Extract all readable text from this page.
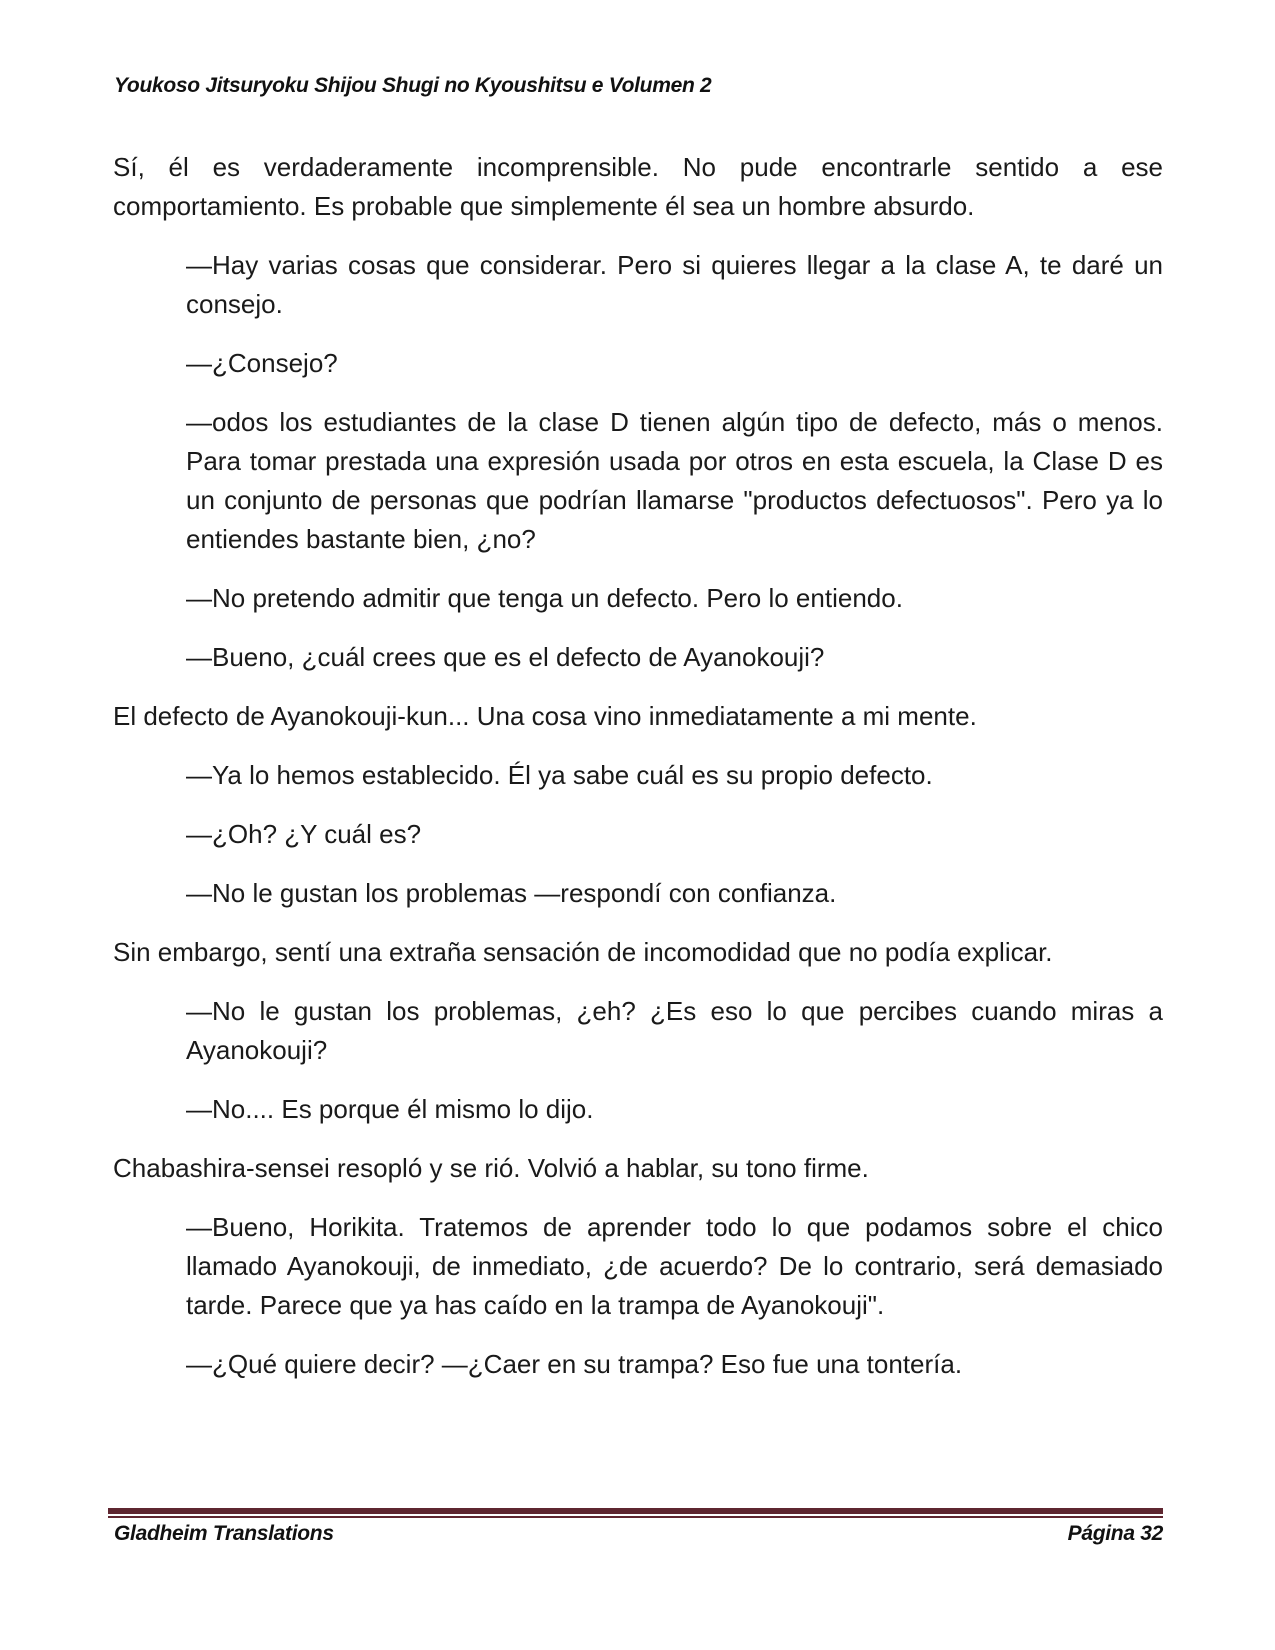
Youkoso Jitsuryoku Shijou Shugi no Kyoushitsu e Volumen 2

Sí, él es verdaderamente incomprensible. No pude encontrarle sentido a ese comportamiento. Es probable que simplemente él sea un hombre absurdo.

—Hay varias cosas que considerar. Pero si quieres llegar a la clase A, te daré un consejo.

—¿Consejo?

—odos los estudiantes de la clase D tienen algún tipo de defecto, más o menos. Para tomar prestada una expresión usada por otros en esta escuela, la Clase D es un conjunto de personas que podrían llamarse "productos defectuosos". Pero ya lo entiendes bastante bien, ¿no?

—No pretendo admitir que tenga un defecto. Pero lo entiendo.

—Bueno, ¿cuál crees que es el defecto de Ayanokouji?

El defecto de Ayanokouji-kun... Una cosa vino inmediatamente a mi mente.

—Ya lo hemos establecido. Él ya sabe cuál es su propio defecto.

—¿Oh? ¿Y cuál es?

—No le gustan los problemas —respondí con confianza.

Sin embargo, sentí una extraña sensación de incomodidad que no podía explicar.

—No le gustan los problemas, ¿eh? ¿Es eso lo que percibes cuando miras a Ayanokouji?

—No.... Es porque él mismo lo dijo.

Chabashira-sensei resopló y se rió. Volvió a hablar, su tono firme.

—Bueno, Horikita. Tratemos de aprender todo lo que podamos sobre el chico llamado Ayanokouji, de inmediato, ¿de acuerdo? De lo contrario, será demasiado tarde. Parece que ya has caído en la trampa de Ayanokouji".

—¿Qué quiere decir? —¿Caer en su trampa? Eso fue una tontería.

Gladheim Translations	Página 32
